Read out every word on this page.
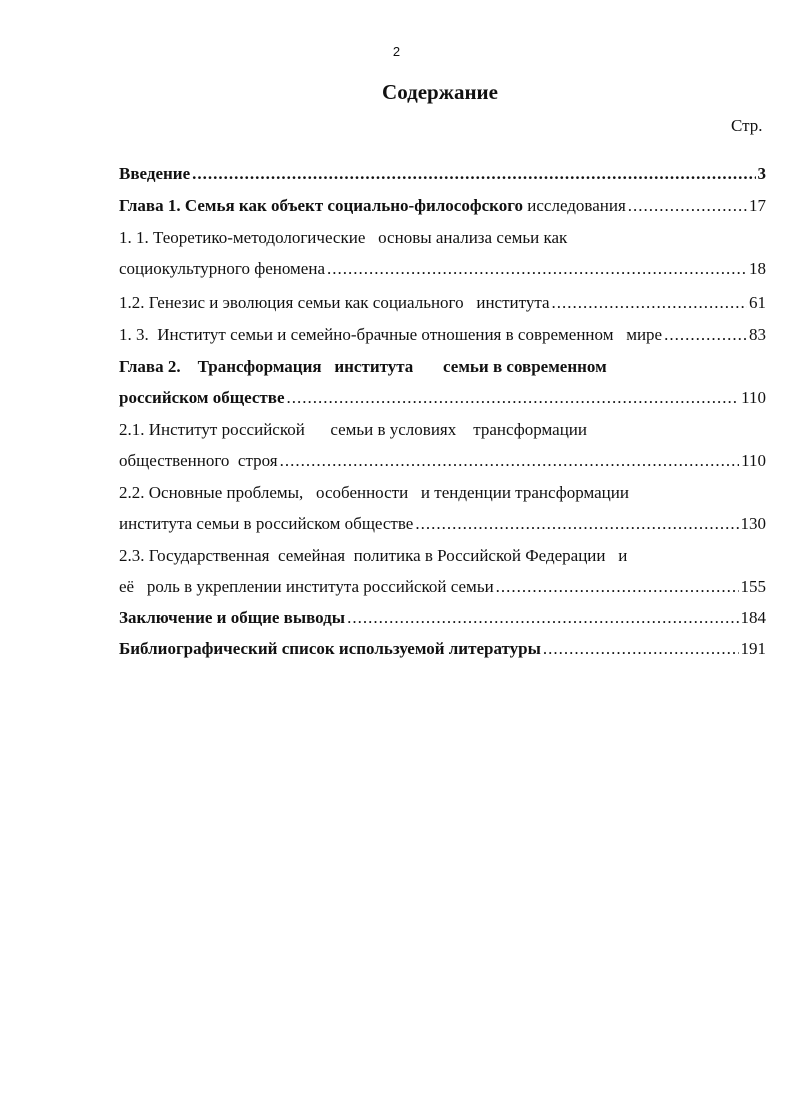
2
Содержание
Стр.
Введение .....	3
Глава 1. Семья как объект социально-философского исследования .....	17
1. 1. Теоретико-методологические   основы анализа семьи как
социокультурного феномена .....	18
1.2. Генезис и эволюция семьи как социального   института .....	61
1. 3.  Институт семьи и семейно-брачные отношения в современном   мире .....	83
Глава 2.    Трансформация   института       семьи в современном
российском обществе .....	110
2.1. Институт российской      семьи в условиях    трансформации
общественного  строя .....	110
2.2. Основные проблемы,   особенности   и тенденции трансформации
института семьи в российском обществе .....	130
2.3. Государственная  семейная  политика в Российской Федерации   и
её   роль в укреплении института российской семьи .....	155
Заключение и общие выводы .....	184
Библиографический список используемой литературы .....	191
